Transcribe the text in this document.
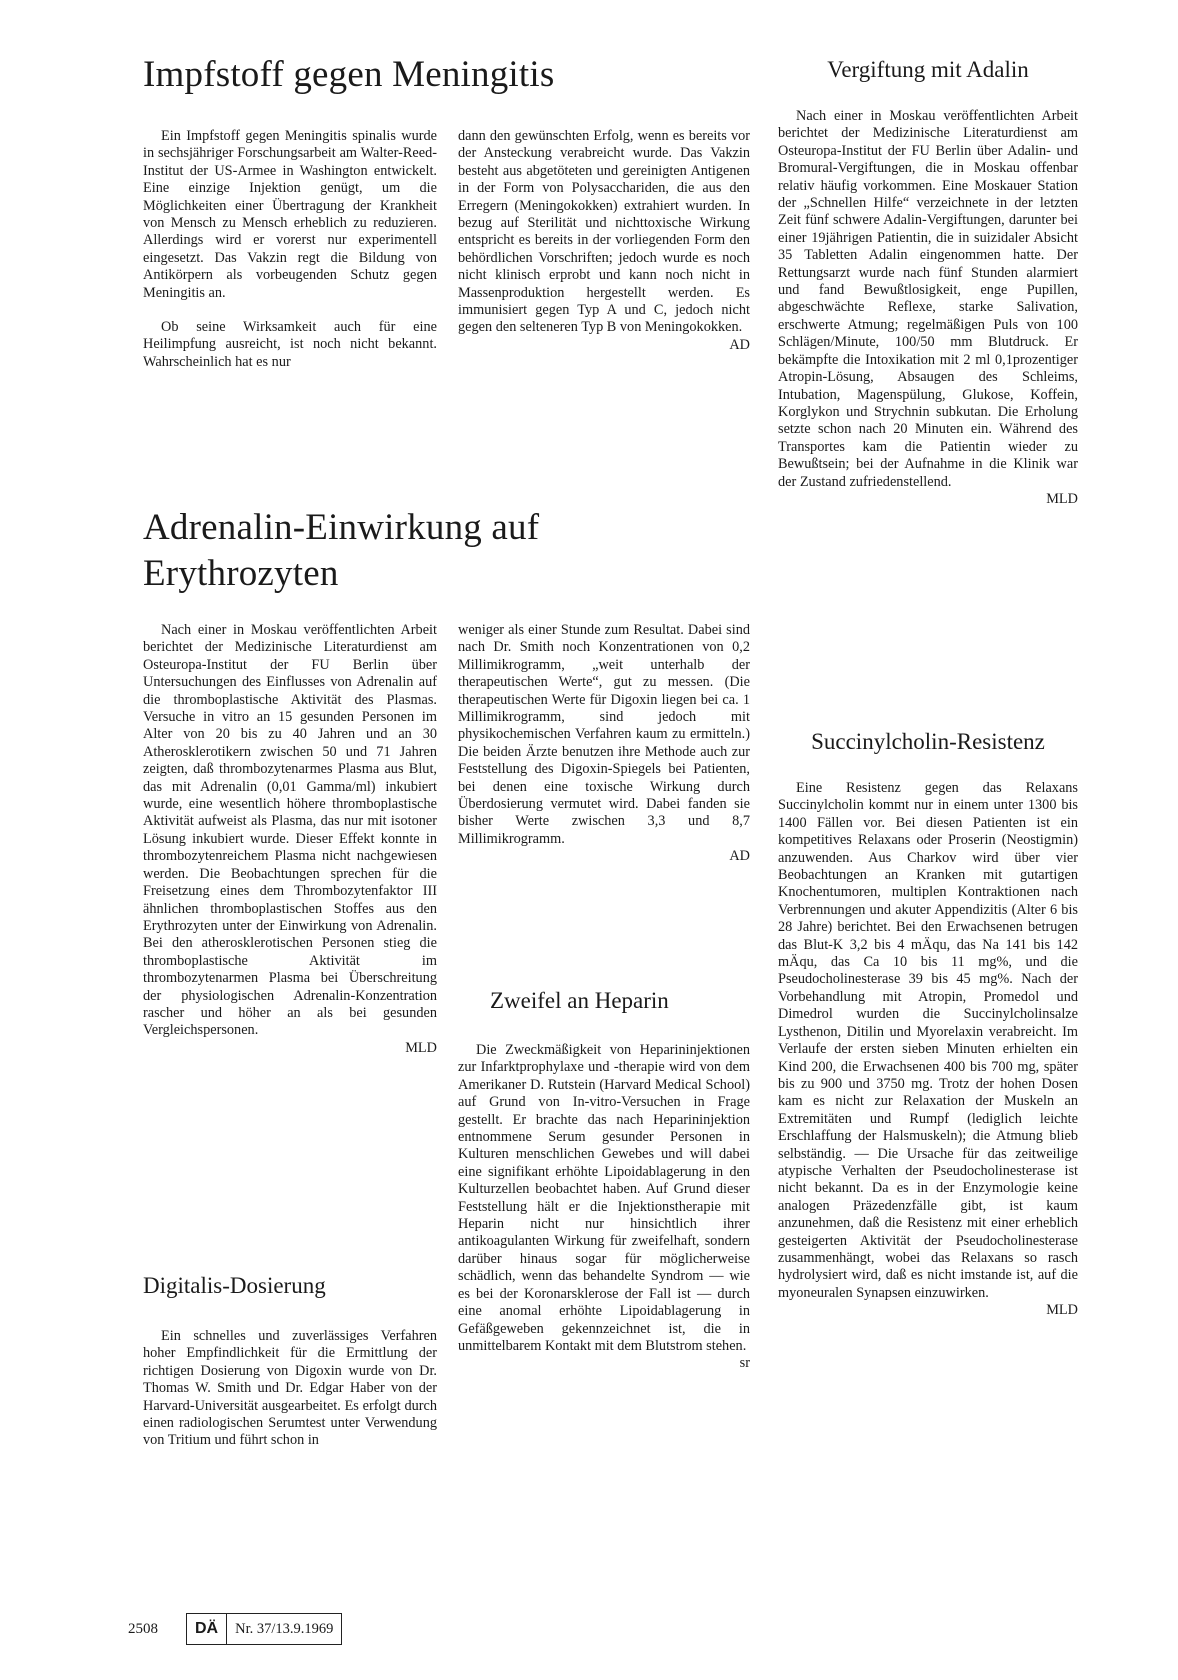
Impfstoff gegen Meningitis

Ein Impfstoff gegen Meningitis spinalis wurde in sechsjähriger Forschungsarbeit am Walter-Reed-Institut der US-Armee in Washington entwickelt. Eine einzige Injektion genügt, um die Möglichkeiten einer Übertragung der Krankheit von Mensch zu Mensch erheblich zu reduzieren. Allerdings wird er vorerst nur experimentell eingesetzt. Das Vakzin regt die Bildung von Antikörpern als vorbeugenden Schutz gegen Meningitis an.

Ob seine Wirksamkeit auch für eine Heilimpfung ausreicht, ist noch nicht bekannt. Wahrscheinlich hat es nur

dann den gewünschten Erfolg, wenn es bereits vor der Ansteckung verabreicht wurde. Das Vakzin besteht aus abgetöteten und gereinigten Antigenen in der Form von Polysacchariden, die aus den Erregern (Meningokokken) extrahiert wurden. In bezug auf Sterilität und nichttoxische Wirkung entspricht es bereits in der vorliegenden Form den behördlichen Vorschriften; jedoch wurde es noch nicht klinisch erprobt und kann noch nicht in Massenproduktion hergestellt werden. Es immunisiert gegen Typ A und C, jedoch nicht gegen den selteneren Typ B von Meningokokken.

AD

Vergiftung mit Adalin

Nach einer in Moskau veröffentlichten Arbeit berichtet der Medizinische Literaturdienst am Osteuropa-Institut der FU Berlin über Adalin- und Bromural-Vergiftungen, die in Moskau offenbar relativ häufig vorkommen. Eine Moskauer Station der „Schnellen Hilfe“ verzeichnete in der letzten Zeit fünf schwere Adalin-Vergiftungen, darunter bei einer 19jährigen Patientin, die in suizidaler Absicht 35 Tabletten Adalin eingenommen hatte. Der Rettungsarzt wurde nach fünf Stunden alarmiert und fand Bewußtlosigkeit, enge Pupillen, abgeschwächte Reflexe, starke Salivation, erschwerte Atmung; regelmäßigen Puls von 100 Schlägen/Minute, 100/50 mm Blutdruck. Er bekämpfte die Intoxikation mit 2 ml 0,1prozentiger Atropin-Lösung, Absaugen des Schleims, Intubation, Magenspülung, Glukose, Koffein, Korglykon und Strychnin subkutan. Die Erholung setzte schon nach 20 Minuten ein. Während des Transportes kam die Patientin wieder zu Bewußtsein; bei der Aufnahme in die Klinik war der Zustand zufriedenstellend.

MLD

Adrenalin-Einwirkung auf Erythrozyten

Nach einer in Moskau veröffentlichten Arbeit berichtet der Medizinische Literaturdienst am Osteuropa-Institut der FU Berlin über Untersuchungen des Einflusses von Adrenalin auf die thromboplastische Aktivität des Plasmas. Versuche in vitro an 15 gesunden Personen im Alter von 20 bis zu 40 Jahren und an 30 Atherosklerotikern zwischen 50 und 71 Jahren zeigten, daß thrombozytenarmes Plasma aus Blut, das mit Adrenalin (0,01 Gamma/ml) inkubiert wurde, eine wesentlich höhere thromboplastische Aktivität aufweist als Plasma, das nur mit isotoner Lösung inkubiert wurde. Dieser Effekt konnte in thrombozytenreichem Plasma nicht nachgewiesen werden. Die Beobachtungen sprechen für die Freisetzung eines dem Thrombozytenfaktor III ähnlichen thromboplastischen Stoffes aus den Erythrozyten unter der Einwirkung von Adrenalin. Bei den atherosklerotischen Personen stieg die thromboplastische Aktivität im thrombozytenarmen Plasma bei Überschreitung der physiologischen Adrenalin-Konzentration rascher und höher an als bei gesunden Vergleichspersonen.

MLD

Digitalis-Dosierung

Ein schnelles und zuverlässiges Verfahren hoher Empfindlichkeit für die Ermittlung der richtigen Dosierung von Digoxin wurde von Dr. Thomas W. Smith und Dr. Edgar Haber von der Harvard-Universität ausgearbeitet. Es erfolgt durch einen radiologischen Serumtest unter Verwendung von Tritium und führt schon in

weniger als einer Stunde zum Resultat. Dabei sind nach Dr. Smith noch Konzentrationen von 0,2 Millimikrogramm, „weit unterhalb der therapeutischen Werte“, gut zu messen. (Die therapeutischen Werte für Digoxin liegen bei ca. 1 Millimikrogramm, sind jedoch mit physikochemischen Verfahren kaum zu ermitteln.) Die beiden Ärzte benutzen ihre Methode auch zur Feststellung des Digoxin-Spiegels bei Patienten, bei denen eine toxische Wirkung durch Überdosierung vermutet wird. Dabei fanden sie bisher Werte zwischen 3,3 und 8,7 Millimikrogramm.

AD

Zweifel an Heparin

Die Zweckmäßigkeit von Heparininjektionen zur Infarktprophylaxe und -therapie wird von dem Amerikaner D. Rutstein (Harvard Medical School) auf Grund von In-vitro-Versuchen in Frage gestellt. Er brachte das nach Heparininjektion entnommene Serum gesunder Personen in Kulturen menschlichen Gewebes und will dabei eine signifikant erhöhte Lipoidablagerung in den Kulturzellen beobachtet haben. Auf Grund dieser Feststellung hält er die Injektionstherapie mit Heparin nicht nur hinsichtlich ihrer antikoagulanten Wirkung für zweifelhaft, sondern darüber hinaus sogar für möglicherweise schädlich, wenn das behandelte Syndrom — wie es bei der Koronarsklerose der Fall ist — durch eine anomal erhöhte Lipoidablagerung in Gefäßgeweben gekennzeichnet ist, die in unmittelbarem Kontakt mit dem Blutstrom stehen.

sr

Succinylcholin-Resistenz

Eine Resistenz gegen das Relaxans Succinylcholin kommt nur in einem unter 1300 bis 1400 Fällen vor. Bei diesen Patienten ist ein kompetitives Relaxans oder Proserin (Neostigmin) anzuwenden. Aus Charkov wird über vier Beobachtungen an Kranken mit gutartigen Knochentumoren, multiplen Kontraktionen nach Verbrennungen und akuter Appendizitis (Alter 6 bis 28 Jahre) berichtet. Bei den Erwachsenen betrugen das Blut-K 3,2 bis 4 mÄqu, das Na 141 bis 142 mÄqu, das Ca 10 bis 11 mg%, und die Pseudocholinesterase 39 bis 45 mg%. Nach der Vorbehandlung mit Atropin, Promedol und Dimedrol wurden die Succinylcholinsalze Lysthenon, Ditilin und Myorelaxin verabreicht. Im Verlaufe der ersten sieben Minuten erhielten ein Kind 200, die Erwachsenen 400 bis 700 mg, später bis zu 900 und 3750 mg. Trotz der hohen Dosen kam es nicht zur Relaxation der Muskeln an Extremitäten und Rumpf (lediglich leichte Erschlaffung der Halsmuskeln); die Atmung blieb selbständig. — Die Ursache für das zeitweilige atypische Verhalten der Pseudocholinesterase ist nicht bekannt. Da es in der Enzymologie keine analogen Präzedenzfälle gibt, ist kaum anzunehmen, daß die Resistenz mit einer erheblich gesteigerten Aktivität der Pseudocholinesterase zusammenhängt, wobei das Relaxans so rasch hydrolysiert wird, daß es nicht imstande ist, auf die myoneuralen Synapsen einzuwirken.

MLD

2508	DÄ	Nr. 37/13.9.1969
